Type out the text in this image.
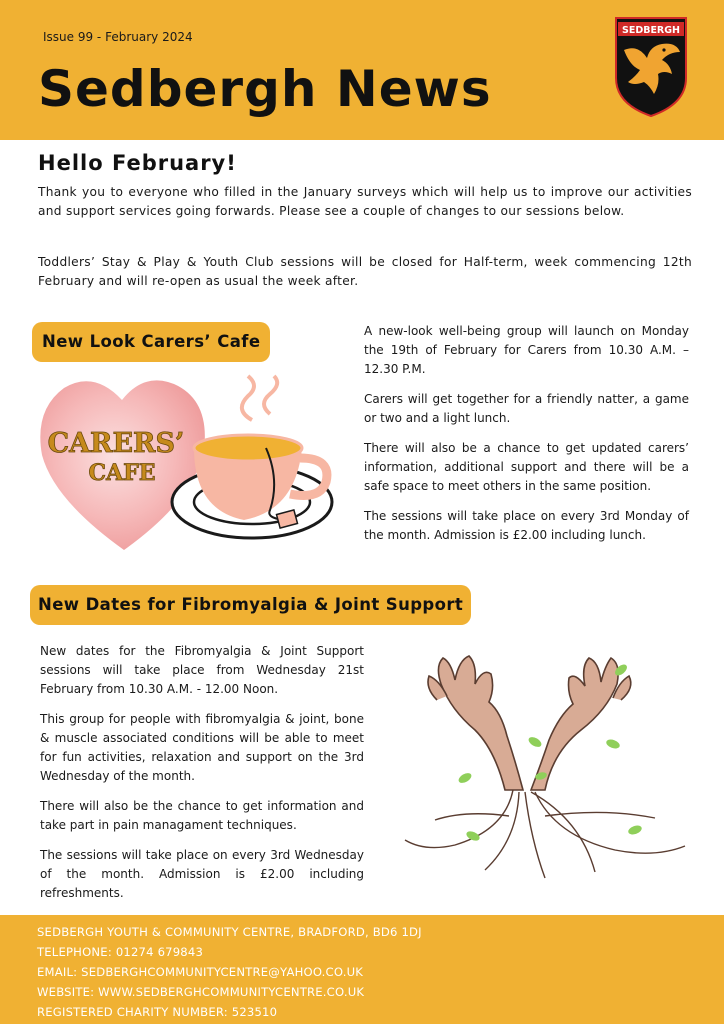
Issue 99 - February 2024
Sedbergh News
SEDBERGH
Hello February!

Thank you to everyone who filled in the January surveys which will help us to improve our activities and support services going forwards. Please see a couple of changes to our sessions below.

Toddlers’ Stay & Play & Youth Club sessions will be closed for Half-term, week commencing 12th February and will re-open as usual the week after.

New Look Carers’ Cafe
CARERS’
CAFE

A new-look well-being group will launch on Monday the 19th of February for Carers from 10.30 A.M. – 12.30 P.M.

Carers will get together for a friendly natter, a game or two and a light lunch.

There will also be a chance to get updated carers’ information, additional support and there will be a safe space to meet others in the same position.

The sessions will take place on every 3rd Monday of the month. Admission is £2.00 including lunch.

New Dates for Fibromyalgia & Joint Support

New dates for the Fibromyalgia & Joint Support sessions will take place from Wednesday 21st February from 10.30 A.M. - 12.00 Noon.

This group for people with fibromyalgia & joint, bone & muscle associated conditions will be able to meet for fun activities, relaxation and support on the 3rd Wednesday of the month.

There will also be the chance to get information and take part in pain managament techniques.

The sessions will take place on every 3rd Wednesday of the month. Admission is £2.00 including refreshments.

SEDBERGH YOUTH & COMMUNITY CENTRE, BRADFORD, BD6 1DJ
TELEPHONE: 01274 679843
EMAIL: SEDBERGHCOMMUNITYCENTRE@YAHOO.CO.UK
WEBSITE: WWW.SEDBERGHCOMMUNITYCENTRE.CO.UK
REGISTERED CHARITY NUMBER: 523510
